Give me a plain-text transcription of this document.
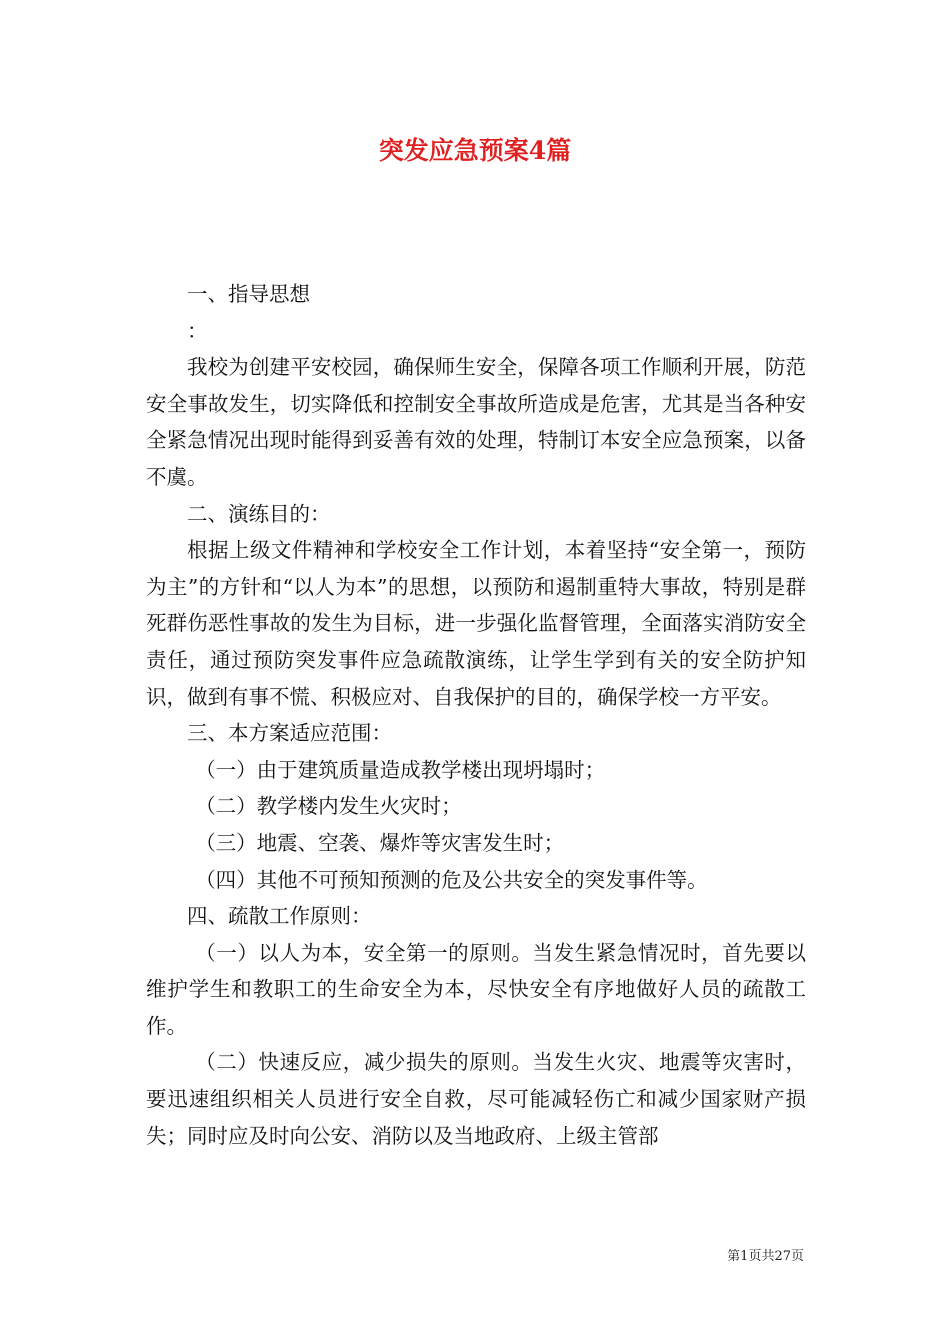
突发应急预案4篇

一、指导思想

：

我校为创建平安校园，确保师生安全，保障各项工作顺利开展，防范安全事故发生，切实降低和控制安全事故所造成是危害，尤其是当各种安全紧急情况出现时能得到妥善有效的处理，特制订本安全应急预案，以备不虞。

二、演练目的：

根据上级文件精神和学校安全工作计划，本着坚持“安全第一，预防为主”的方针和“以人为本”的思想，以预防和遏制重特大事故，特别是群死群伤恶性事故的发生为目标，进一步强化监督管理，全面落实消防安全责任，通过预防突发事件应急疏散演练，让学生学到有关的安全防护知识，做到有事不慌、积极应对、自我保护的目的，确保学校一方平安。

三、本方案适应范围：

（一）由于建筑质量造成教学楼出现坍塌时；

（二）教学楼内发生火灾时；

（三）地震、空袭、爆炸等灾害发生时；

（四）其他不可预知预测的危及公共安全的突发事件等。

四、疏散工作原则：

（一）以人为本，安全第一的原则。当发生紧急情况时，首先要以维护学生和教职工的生命安全为本，尽快安全有序地做好人员的疏散工作。

（二）快速反应，减少损失的原则。当发生火灾、地震等灾害时，要迅速组织相关人员进行安全自救，尽可能减轻伤亡和减少国家财产损失；同时应及时向公安、消防以及当地政府、上级主管部

第1页共27页
